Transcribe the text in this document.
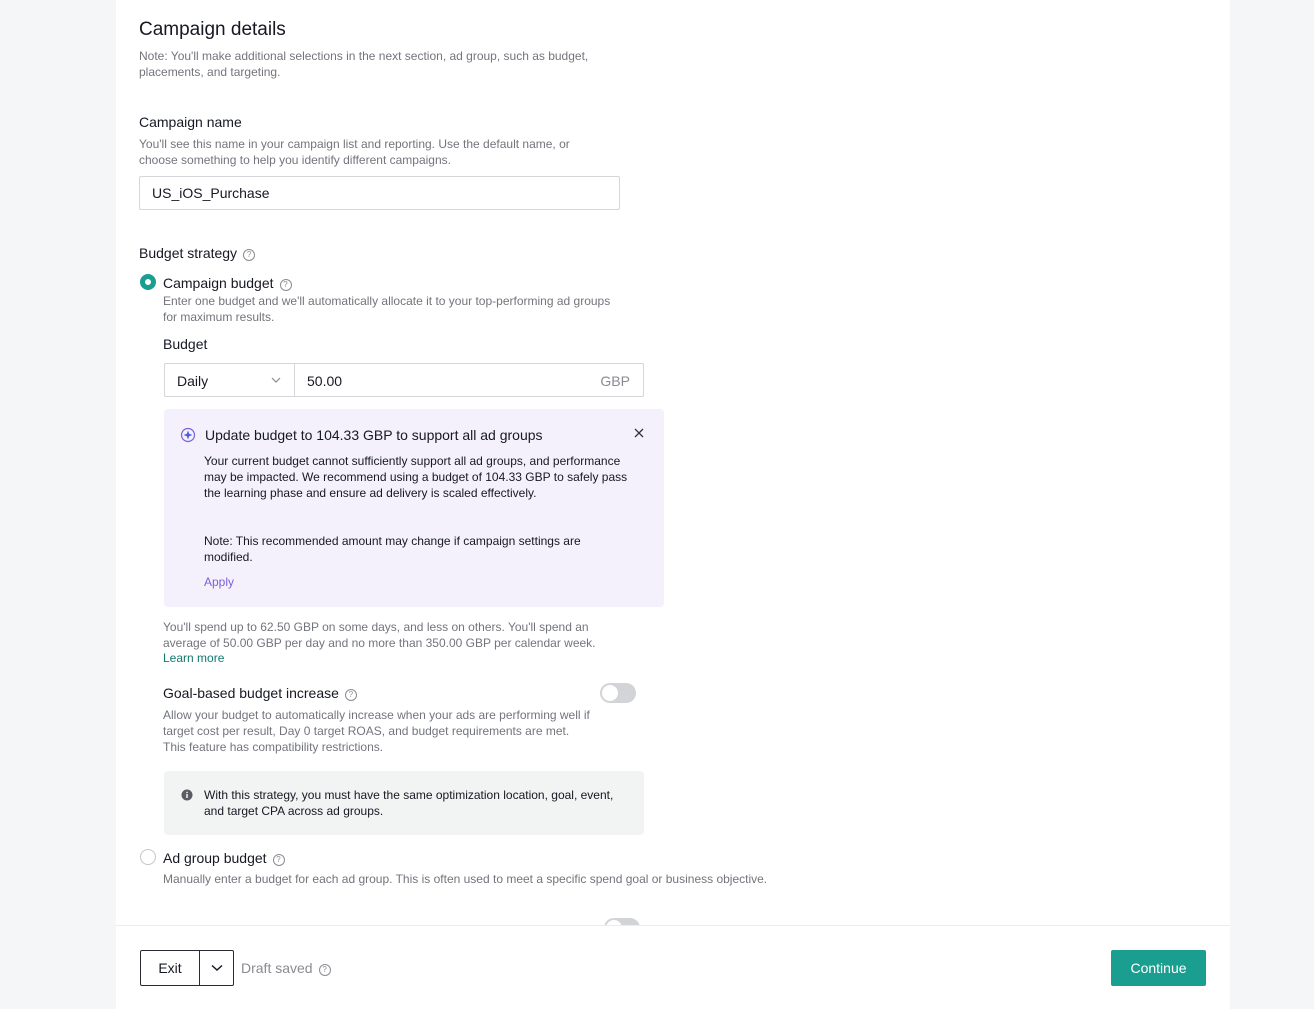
Campaign details
Note: You'll make additional selections in the next section, ad group, such as budget, placements, and targeting.
Campaign name
You'll see this name in your campaign list and reporting. Use the default name, or choose something to help you identify different campaigns.
US_iOS_Purchase
Budget strategy ?
Campaign budget ?
Enter one budget and we'll automatically allocate it to your top-performing ad groups for maximum results.
Budget
Daily	50.00	GBP
Update budget to 104.33 GBP to support all ad groups
Your current budget cannot sufficiently support all ad groups, and performance may be impacted. We recommend using a budget of 104.33 GBP to safely pass the learning phase and ensure ad delivery is scaled effectively.
Note: This recommended amount may change if campaign settings are modified.
Apply
You'll spend up to 62.50 GBP on some days, and less on others. You'll spend an average of 50.00 GBP per day and no more than 350.00 GBP per calendar week.
Learn more
Goal-based budget increase ?
Allow your budget to automatically increase when your ads are performing well if target cost per result, Day 0 target ROAS, and budget requirements are met. This feature has compatibility restrictions.
With this strategy, you must have the same optimization location, goal, event, and target CPA across ad groups.
Ad group budget ?
Manually enter a budget for each ad group. This is often used to meet a specific spend goal or business objective.
Exit	Draft saved ?	Continue
